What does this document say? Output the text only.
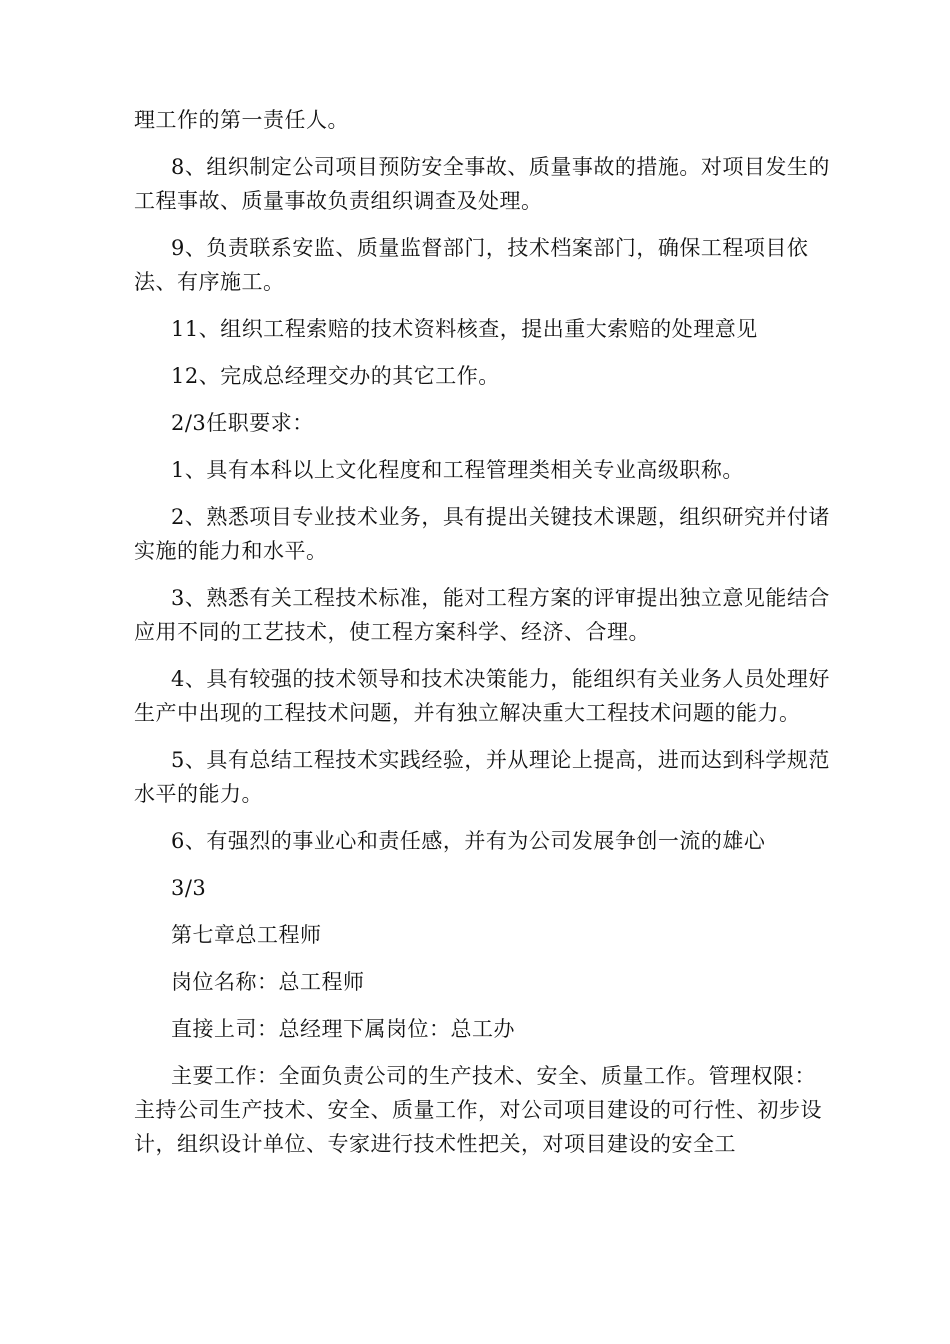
理工作的第一责任人。

8、组织制定公司项目预防安全事故、质量事故的措施。对项目发生的工程事故、质量事故负责组织调查及处理。

9、负责联系安监、质量监督部门，技术档案部门，确保工程项目依法、有序施工。

11、组织工程索赔的技术资料核查，提出重大索赔的处理意见

12、完成总经理交办的其它工作。

2/3任职要求：

1、具有本科以上文化程度和工程管理类相关专业高级职称。

2、熟悉项目专业技术业务，具有提出关键技术课题，组织研究并付诸实施的能力和水平。

3、熟悉有关工程技术标准，能对工程方案的评审提出独立意见能结合应用不同的工艺技术，使工程方案科学、经济、合理。

4、具有较强的技术领导和技术决策能力，能组织有关业务人员处理好生产中出现的工程技术问题，并有独立解决重大工程技术问题的能力。

5、具有总结工程技术实践经验，并从理论上提高，进而达到科学规范水平的能力。

6、有强烈的事业心和责任感，并有为公司发展争创一流的雄心

3/3

第七章总工程师

岗位名称：总工程师

直接上司：总经理下属岗位：总工办

主要工作：全面负责公司的生产技术、安全、质量工作。管理权限：主持公司生产技术、安全、质量工作，对公司项目建设的可行性、初步设计，组织设计单位、专家进行技术性把关，对项目建设的安全工
